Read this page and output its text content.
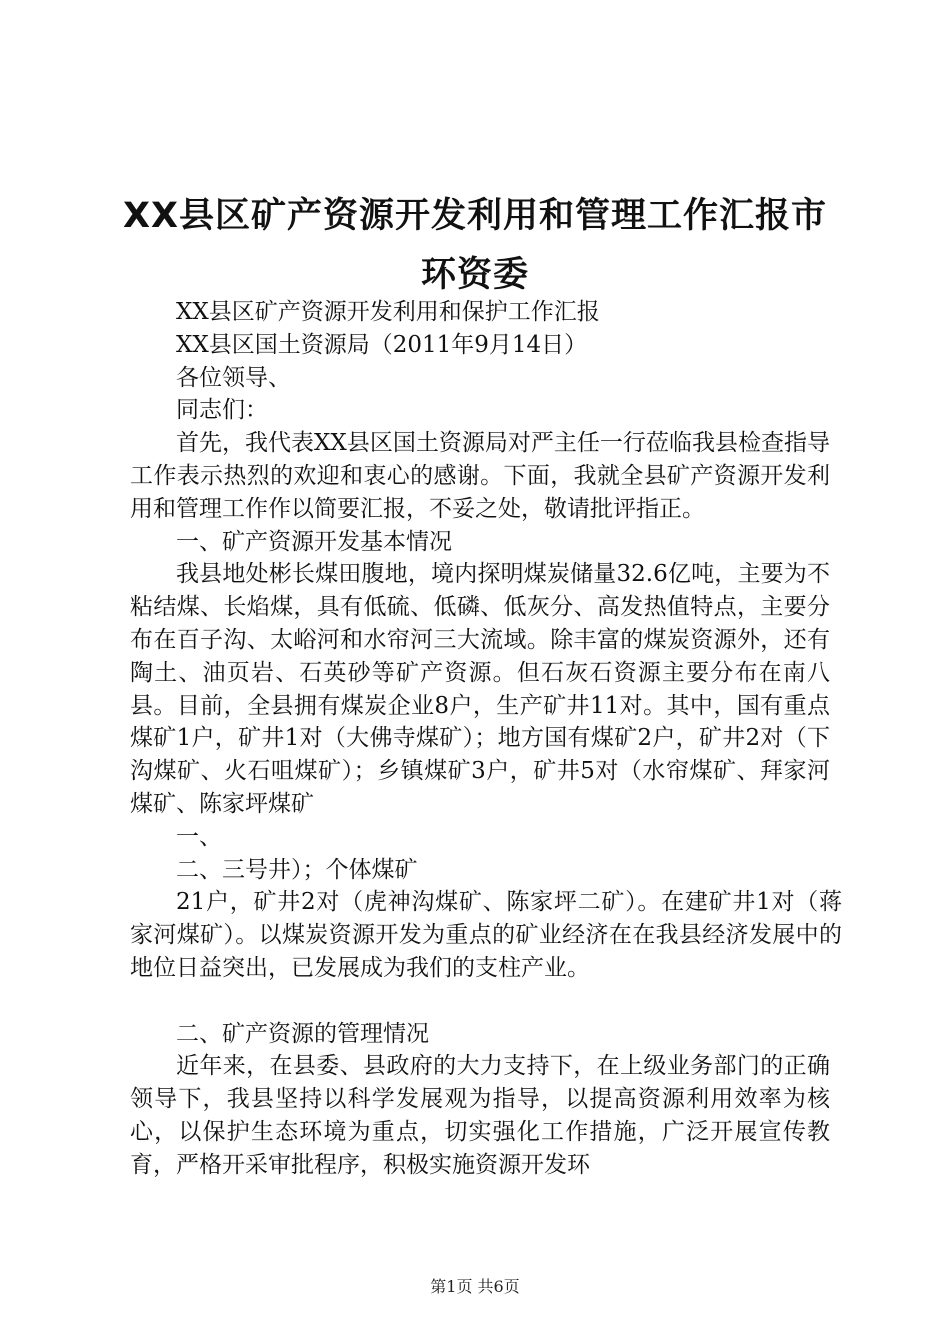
XX县区矿产资源开发利用和管理工作汇报市
环资委

XX县区矿产资源开发利用和保护工作汇报

XX县区国土资源局（2011年9月14日）

各位领导、

同志们：

首先，我代表XX县区国土资源局对严主任一行莅临我县检查指导工作表示热烈的欢迎和衷心的感谢。下面，我就全县矿产资源开发利用和管理工作作以简要汇报，不妥之处，敬请批评指正。

一、矿产资源开发基本情况

我县地处彬长煤田腹地，境内探明煤炭储量32.6亿吨，主要为不粘结煤、长焰煤，具有低硫、低磷、低灰分、高发热值特点，主要分布在百子沟、太峪河和水帘河三大流域。除丰富的煤炭资源外，还有陶土、油页岩、石英砂等矿产资源。但石灰石资源主要分布在南八县。目前，全县拥有煤炭企业8户，生产矿井11对。其中，国有重点煤矿1户，矿井1对（大佛寺煤矿）；地方国有煤矿2户，矿井2对（下沟煤矿、火石咀煤矿）；乡镇煤矿3户，矿井5对（水帘煤矿、拜家河煤矿、陈家坪煤矿

一、

二、三号井）；个体煤矿

21户，矿井2对（虎神沟煤矿、陈家坪二矿）。在建矿井1对（蒋家河煤矿）。以煤炭资源开发为重点的矿业经济在在我县经济发展中的地位日益突出，已发展成为我们的支柱产业。

二、矿产资源的管理情况

近年来，在县委、县政府的大力支持下，在上级业务部门的正确领导下，我县坚持以科学发展观为指导，以提高资源利用效率为核心，以保护生态环境为重点，切实强化工作措施，广泛开展宣传教育，严格开采审批程序，积极实施资源开发环

第1页 共6页
